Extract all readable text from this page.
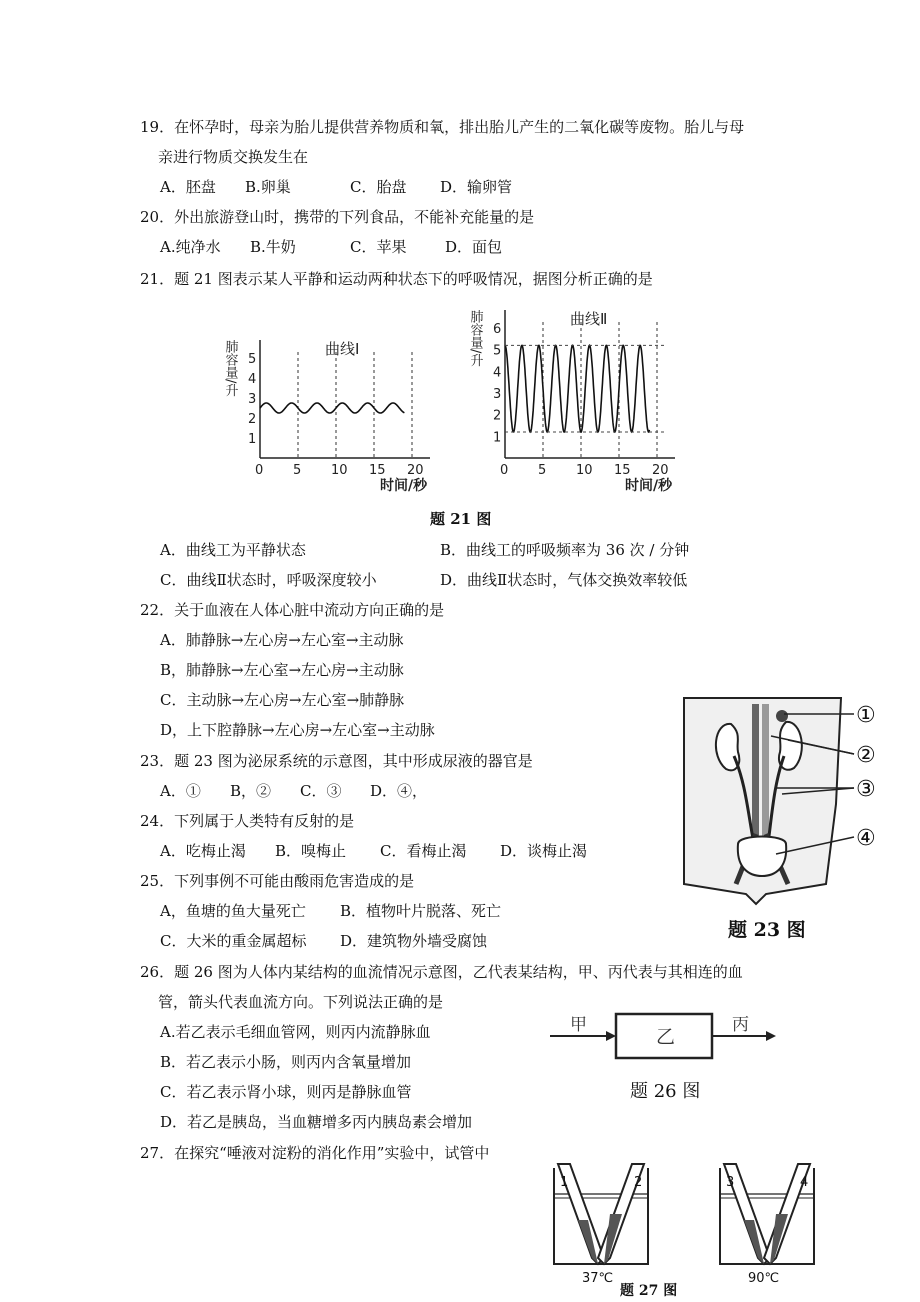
19．在怀孕时，母亲为胎儿提供营养物质和氧，排出胎儿产生的二氧化碳等废物。胎儿与母
亲进行物质交换发生在
A．胚盘 B.卵巢	C．胎盘 D．输卵管
20．外出旅游登山时，携带的下列食品，不能补充能量的是
A.纯净水 B.牛奶	C．苹果	D．面包
21．题 21 图表示某人平静和运动两种状态下的呼吸情况，据图分析正确的是
曲线Ⅰ
肺容量/升
时间/秒
0 5 10 15 20
1
2
3
4
5
曲线Ⅱ
肺容量/升
时间/秒
0 5 10 15 20
1
2
3
4
5
6
题 21 图
A．曲线工为平静状态	B．曲线工的呼吸频率为 36 次 / 分钟
C．曲线Ⅱ状态时，呼吸深度较小	D．曲线Ⅱ状态时，气体交换效率较低
22．关于血液在人体心脏中流动方向正确的是
A．肺静脉→左心房→左心室→主动脉
B，肺静脉→左心室→左心房→主动脉
C．主动脉→左心房→左心室→肺静脉
D，上下腔静脉→左心房→左心室→主动脉
23．题 23 图为泌尿系统的示意图，其中形成尿液的器官是
A．① B，② C．③ D．④，
①
②
③
④
题 23 图
24．下列属于人类特有反射的是
A．吃梅止渴 B．嗅梅止 C．看梅止渴 D．谈梅止渴
25．下列事例不可能由酸雨危害造成的是
A，鱼塘的鱼大量死亡 B．植物叶片脱落、死亡
C．大米的重金属超标 D．建筑物外墙受腐蚀
26．题 26 图为人体内某结构的血流情况示意图，乙代表某结构，甲、丙代表与其相连的血
管，箭头代表血流方向。下列说法正确的是
A.若乙表示毛细血管网，则丙内流静脉血
B．若乙表示小肠，则丙内含氧量增加
C．若乙表示肾小球，则丙是静脉血管
D．若乙是胰岛，当血糖增多丙内胰岛素会增加
甲
乙
丙
题 26 图
27．在探究“唾液对淀粉的消化作用”实验中，试管中
1	2
37℃
3	4
90℃
题 27 图
